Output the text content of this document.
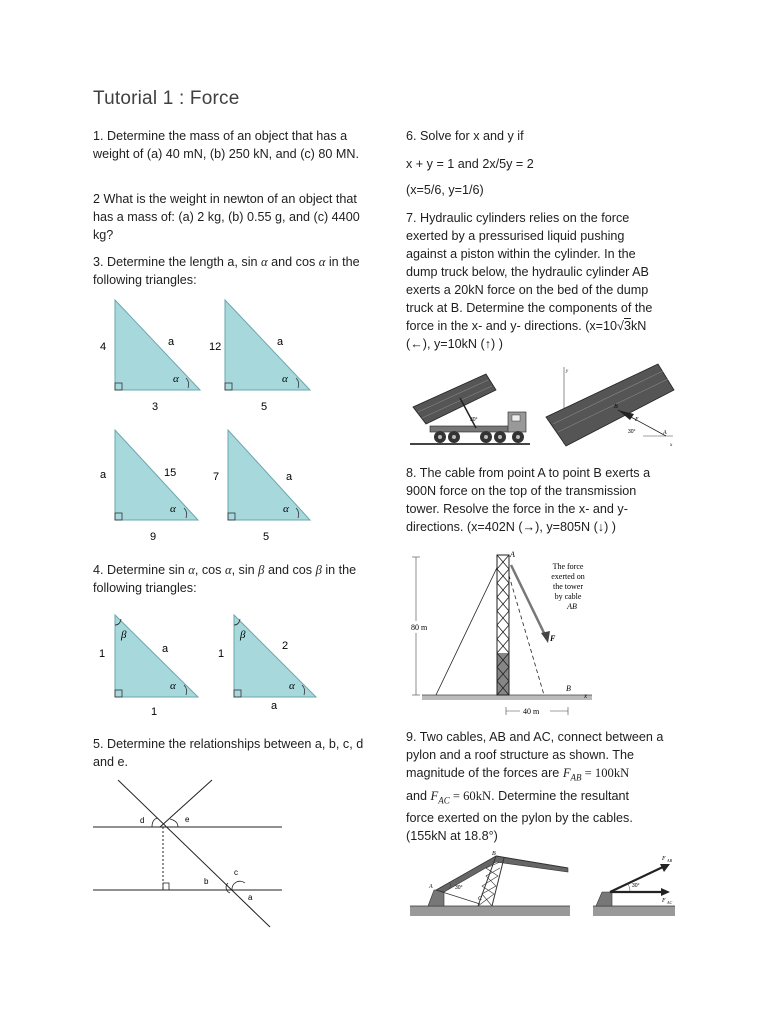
Tutorial 1 : Force
1. Determine the mass of an object that has a weight of (a) 40 mN, (b) 250 kN, and (c) 80 MN.
2 What is the weight in newton of an object that has a mass of: (a) 2 kg, (b) 0.55 g, and (c) 4400 kg?
3. Determine the length a, sin α and cos α in the following triangles:
4	a
α
3
12	a
α
5
a	15
α
9
7	a
α
5
4. Determine sin α, cos α, sin β and cos β in the following triangles:
β
1	a
α
1
β
1
2
α
a
5. Determine the relationships between a, b, c, d and e.
d	e
b
c
a
6. Solve for x and y if
x + y = 1 and 2x/5y = 2
(x=5/6, y=1/6)
7. Hydraulic cylinders relies on the force
exerted by a pressurised liquid pushing
against a piston within the cylinder. In the
dump truck below, the hydraulic cylinder AB
exerts a 20kN force on the bed of the dump
truck at B. Determine the components of the
force in the x- and y- directions. (x=10√3kN
(←), y=10kN (↑) )
30°
y
30°
B
F
A
x
8. The cable from point A to point B exerts a
900N force on the top of the transmission
tower. Resolve the force in the x- and y-
directions. (x=402N (→), y=805N (↓) )
80 m
A
F
The force
exerted on
the tower
by cable
AB
B
x
40 m
9. Two cables, AB and AC, connect between a
pylon and a roof structure as shown. The
magnitude of the forces are $F_{AB} = 100kN$
and $F_{AC} = 60kN$. Determine the resultant
force exerted on the pylon by the cables.
(155kN at 18.8°)
30°
A
B
C
30°
F AB
F AC
